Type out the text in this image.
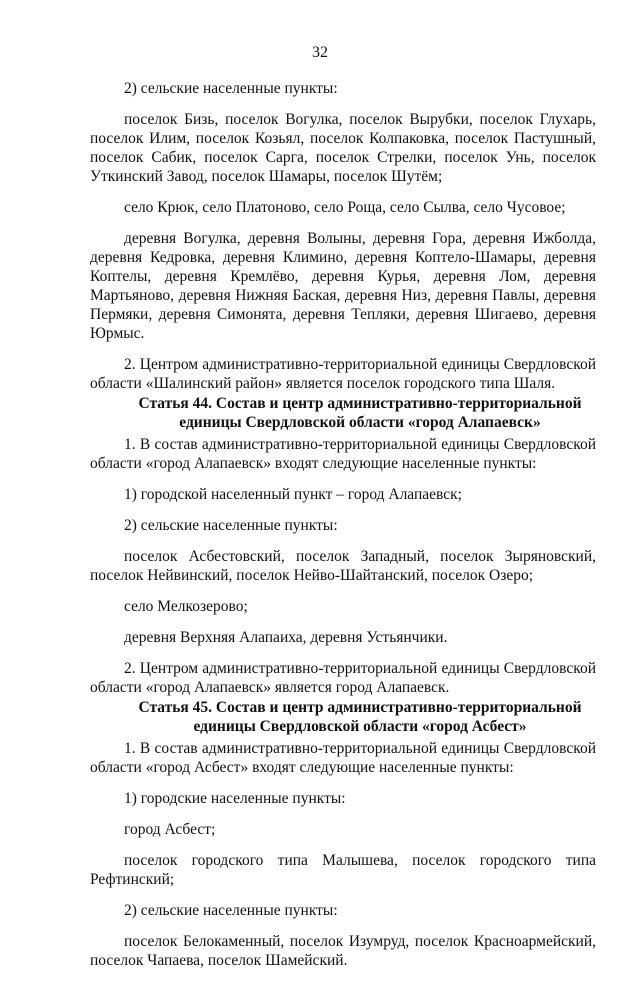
32

2) сельские населенные пункты:

поселок Бизь, поселок Вогулка, поселок Вырубки, поселок Глухарь, поселок Илим, поселок Козьял, поселок Колпаковка, поселок Пастушный, поселок Сабик, поселок Сарга, поселок Стрелки, поселок Унь, поселок Уткинский Завод, поселок Шамары, поселок Шутём;

село Крюк, село Платоново, село Роща, село Сылва, село Чусовое;

деревня Вогулка, деревня Волыны, деревня Гора, деревня Ижболда, деревня Кедровка, деревня Климино, деревня Коптело-Шамары, деревня Коптелы, деревня Кремлёво, деревня Курья, деревня Лом, деревня Мартьяново, деревня Нижняя Баская, деревня Низ, деревня Павлы, деревня Пермяки, деревня Симонята, деревня Тепляки, деревня Шигаево, деревня Юрмыс.

2. Центром административно-территориальной единицы Свердловской области «Шалинский район» является поселок городского типа Шаля.

Статья 44. Состав и центр административно-территориальной
единицы Свердловской области «город Алапаевск»

1. В состав административно-территориальной единицы Свердловской области «город Алапаевск» входят следующие населенные пункты:

1) городской населенный пункт – город Алапаевск;

2) сельские населенные пункты:

поселок Асбестовский, поселок Западный, поселок Зыряновский, поселок Нейвинский, поселок Нейво-Шайтанский, поселок Озеро;

село Мелкозерово;

деревня Верхняя Алапаиха, деревня Устьянчики.

2. Центром административно-территориальной единицы Свердловской области «город Алапаевск» является город Алапаевск.

Статья 45. Состав и центр административно-территориальной
единицы Свердловской области «город Асбест»

1. В состав административно-территориальной единицы Свердловской области «город Асбест» входят следующие населенные пункты:

1) городские населенные пункты:

город Асбест;

поселок городского типа Малышева, поселок городского типа Рефтинский;

2) сельские населенные пункты:

поселок Белокаменный, поселок Изумруд, поселок Красноармейский, поселок Чапаева, поселок Шамейский.
